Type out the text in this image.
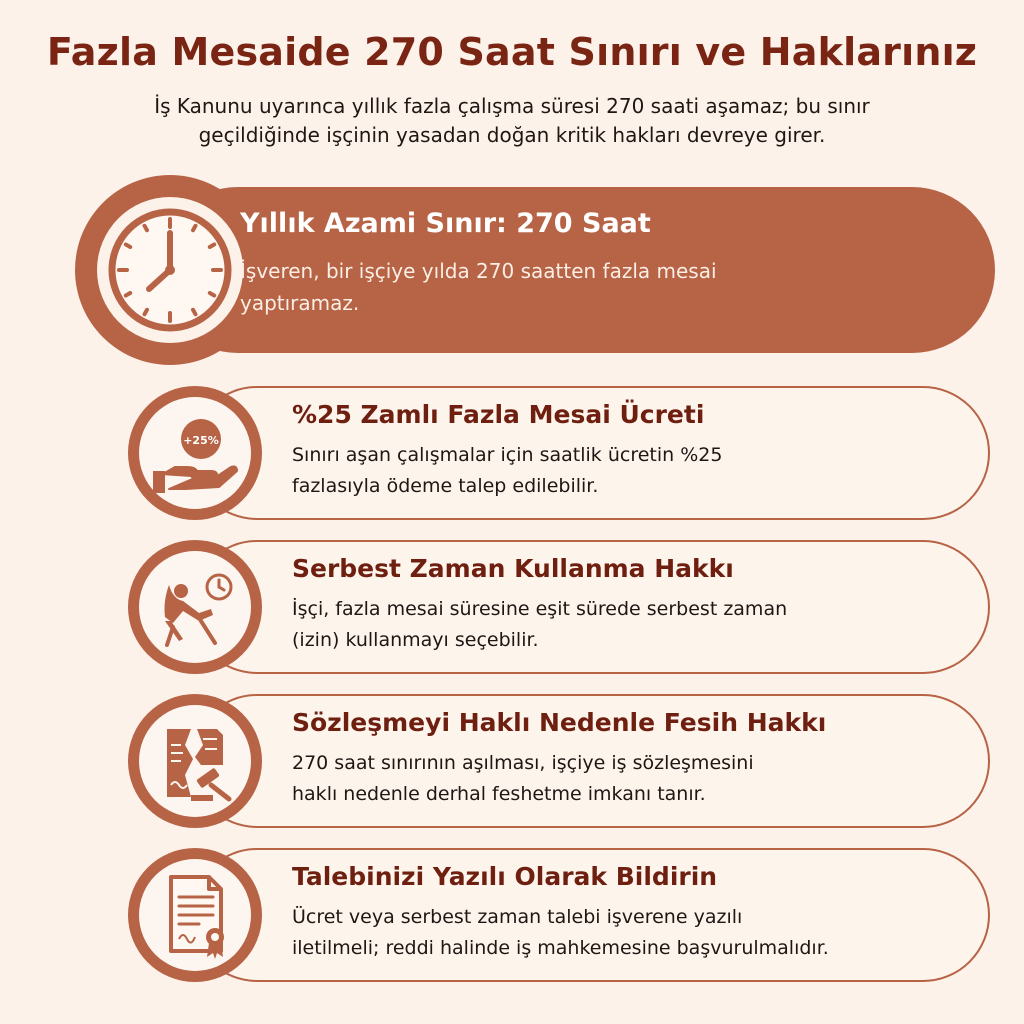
Fazla Mesaide 270 Saat Sınırı ve Haklarınız

İş Kanunu uyarınca yıllık fazla çalışma süresi 270 saati aşamaz; bu sınır
geçildiğinde işçinin yasadan doğan kritik hakları devreye girer.

Yıllık Azami Sınır: 270 Saat

İşveren, bir işçiye yılda 270 saatten fazla mesai
yaptıramaz.

+25%
%25 Zamlı Fazla Mesai Ücreti

Sınırı aşan çalışmalar için saatlik ücretin %25
fazlasıyla ödeme talep edilebilir.

Serbest Zaman Kullanma Hakkı

İşçi, fazla mesai süresine eşit sürede serbest zaman
(izin) kullanmayı seçebilir.

Sözleşmeyi Haklı Nedenle Fesih Hakkı

270 saat sınırının aşılması, işçiye iş sözleşmesini
haklı nedenle derhal feshetme imkanı tanır.

Talebinizi Yazılı Olarak Bildirin

Ücret veya serbest zaman talebi işverene yazılı
iletilmeli; reddi halinde iş mahkemesine başvurulmalıdır.
